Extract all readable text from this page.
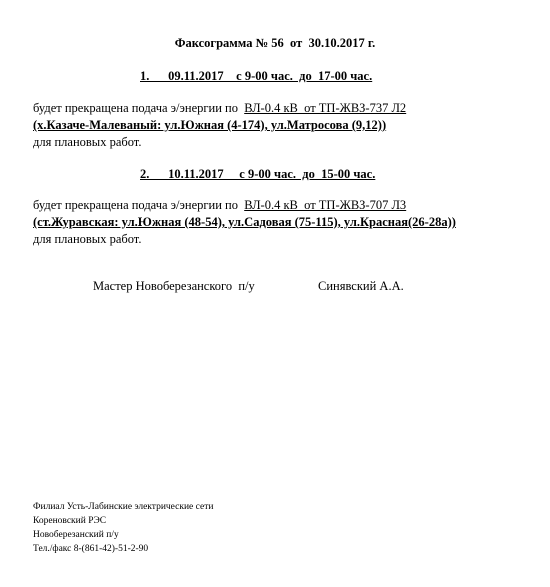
Факсограмма № 56  от  30.10.2017 г.
1.      09.11.2017    с 9-00 час.  до  17-00 час.
будет прекращена подача э/энергии по  ВЛ-0.4 кВ  от ТП-ЖВЗ-737 Л2
(х.Казаче-Малеваный: ул.Южная (4-174), ул.Матросова (9,12))
для плановых работ.
2.      10.11.2017     с 9-00 час.  до  15-00 час.
будет прекращена подача э/энергии по  ВЛ-0.4 кВ  от ТП-ЖВЗ-707 Л3
(ст.Журавская: ул.Южная (48-54), ул.Садовая (75-115), ул.Красная(26-28а))
для плановых работ.
Мастер Новоберезанского  п/у	Синявский А.А.
Филиал Усть-Лабинские электрические сети
Кореновский РЭС
Новоберезанский п/у
Тел./факс 8-(861-42)-51-2-90
